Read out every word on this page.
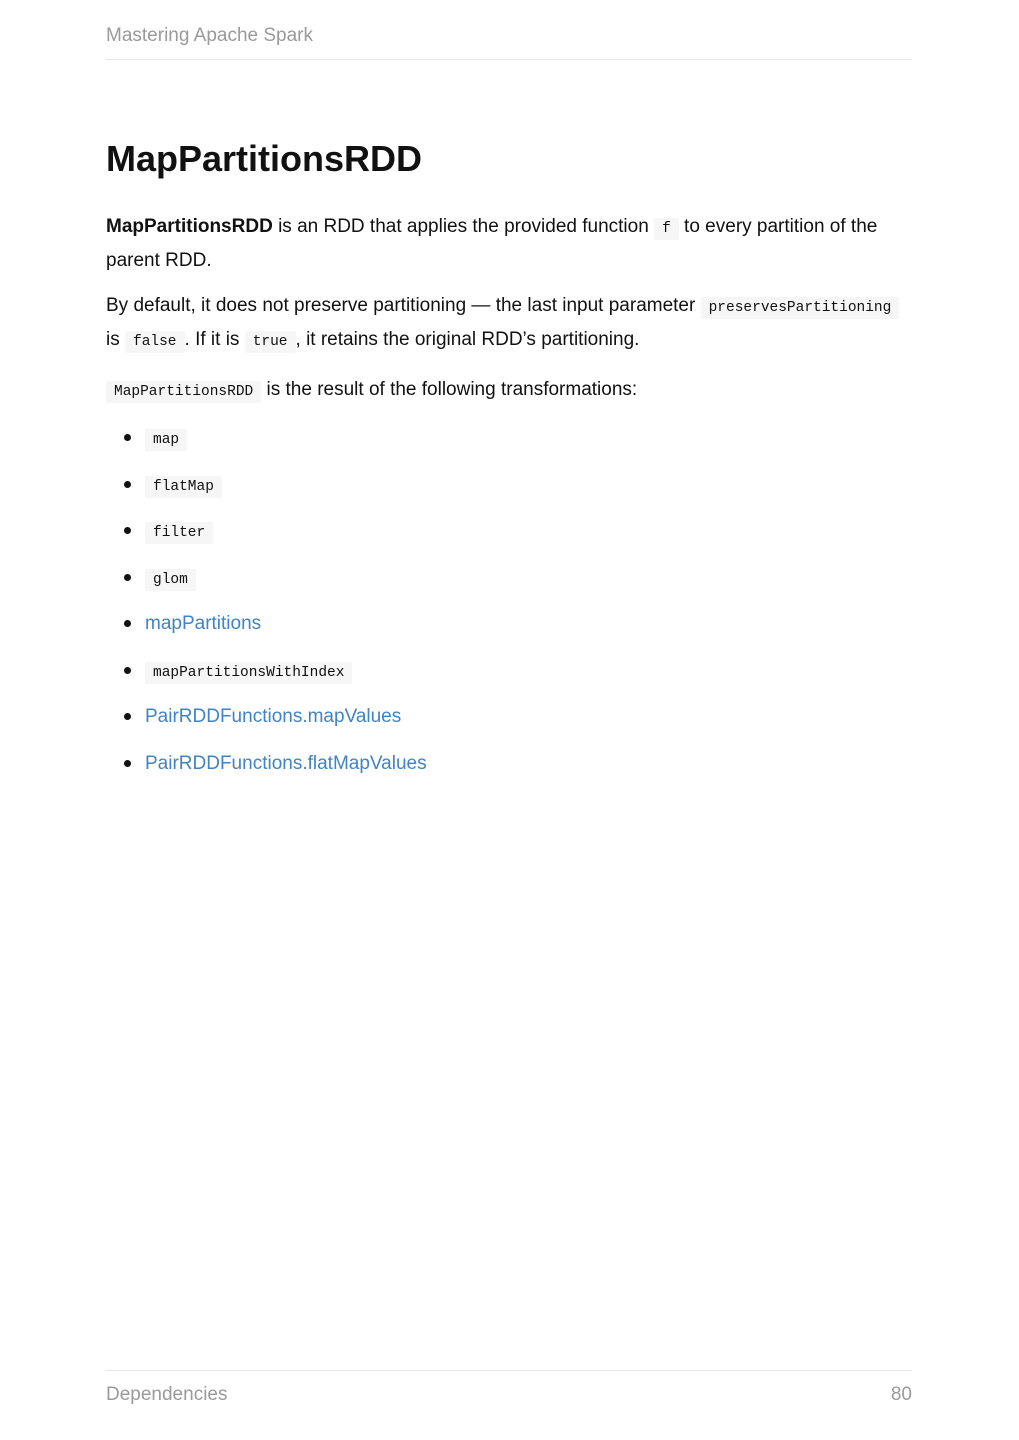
Mastering Apache Spark
MapPartitionsRDD

MapPartitionsRDD is an RDD that applies the provided function f to every partition of the parent RDD.

By default, it does not preserve partitioning — the last input parameter preservesPartitioning is false . If it is true , it retains the original RDD’s partitioning.

MapPartitionsRDD is the result of the following transformations:

map
flatMap
filter
glom
mapPartitions
mapPartitionsWithIndex
PairRDDFunctions.mapValues
PairRDDFunctions.flatMapValues
Dependencies	80
